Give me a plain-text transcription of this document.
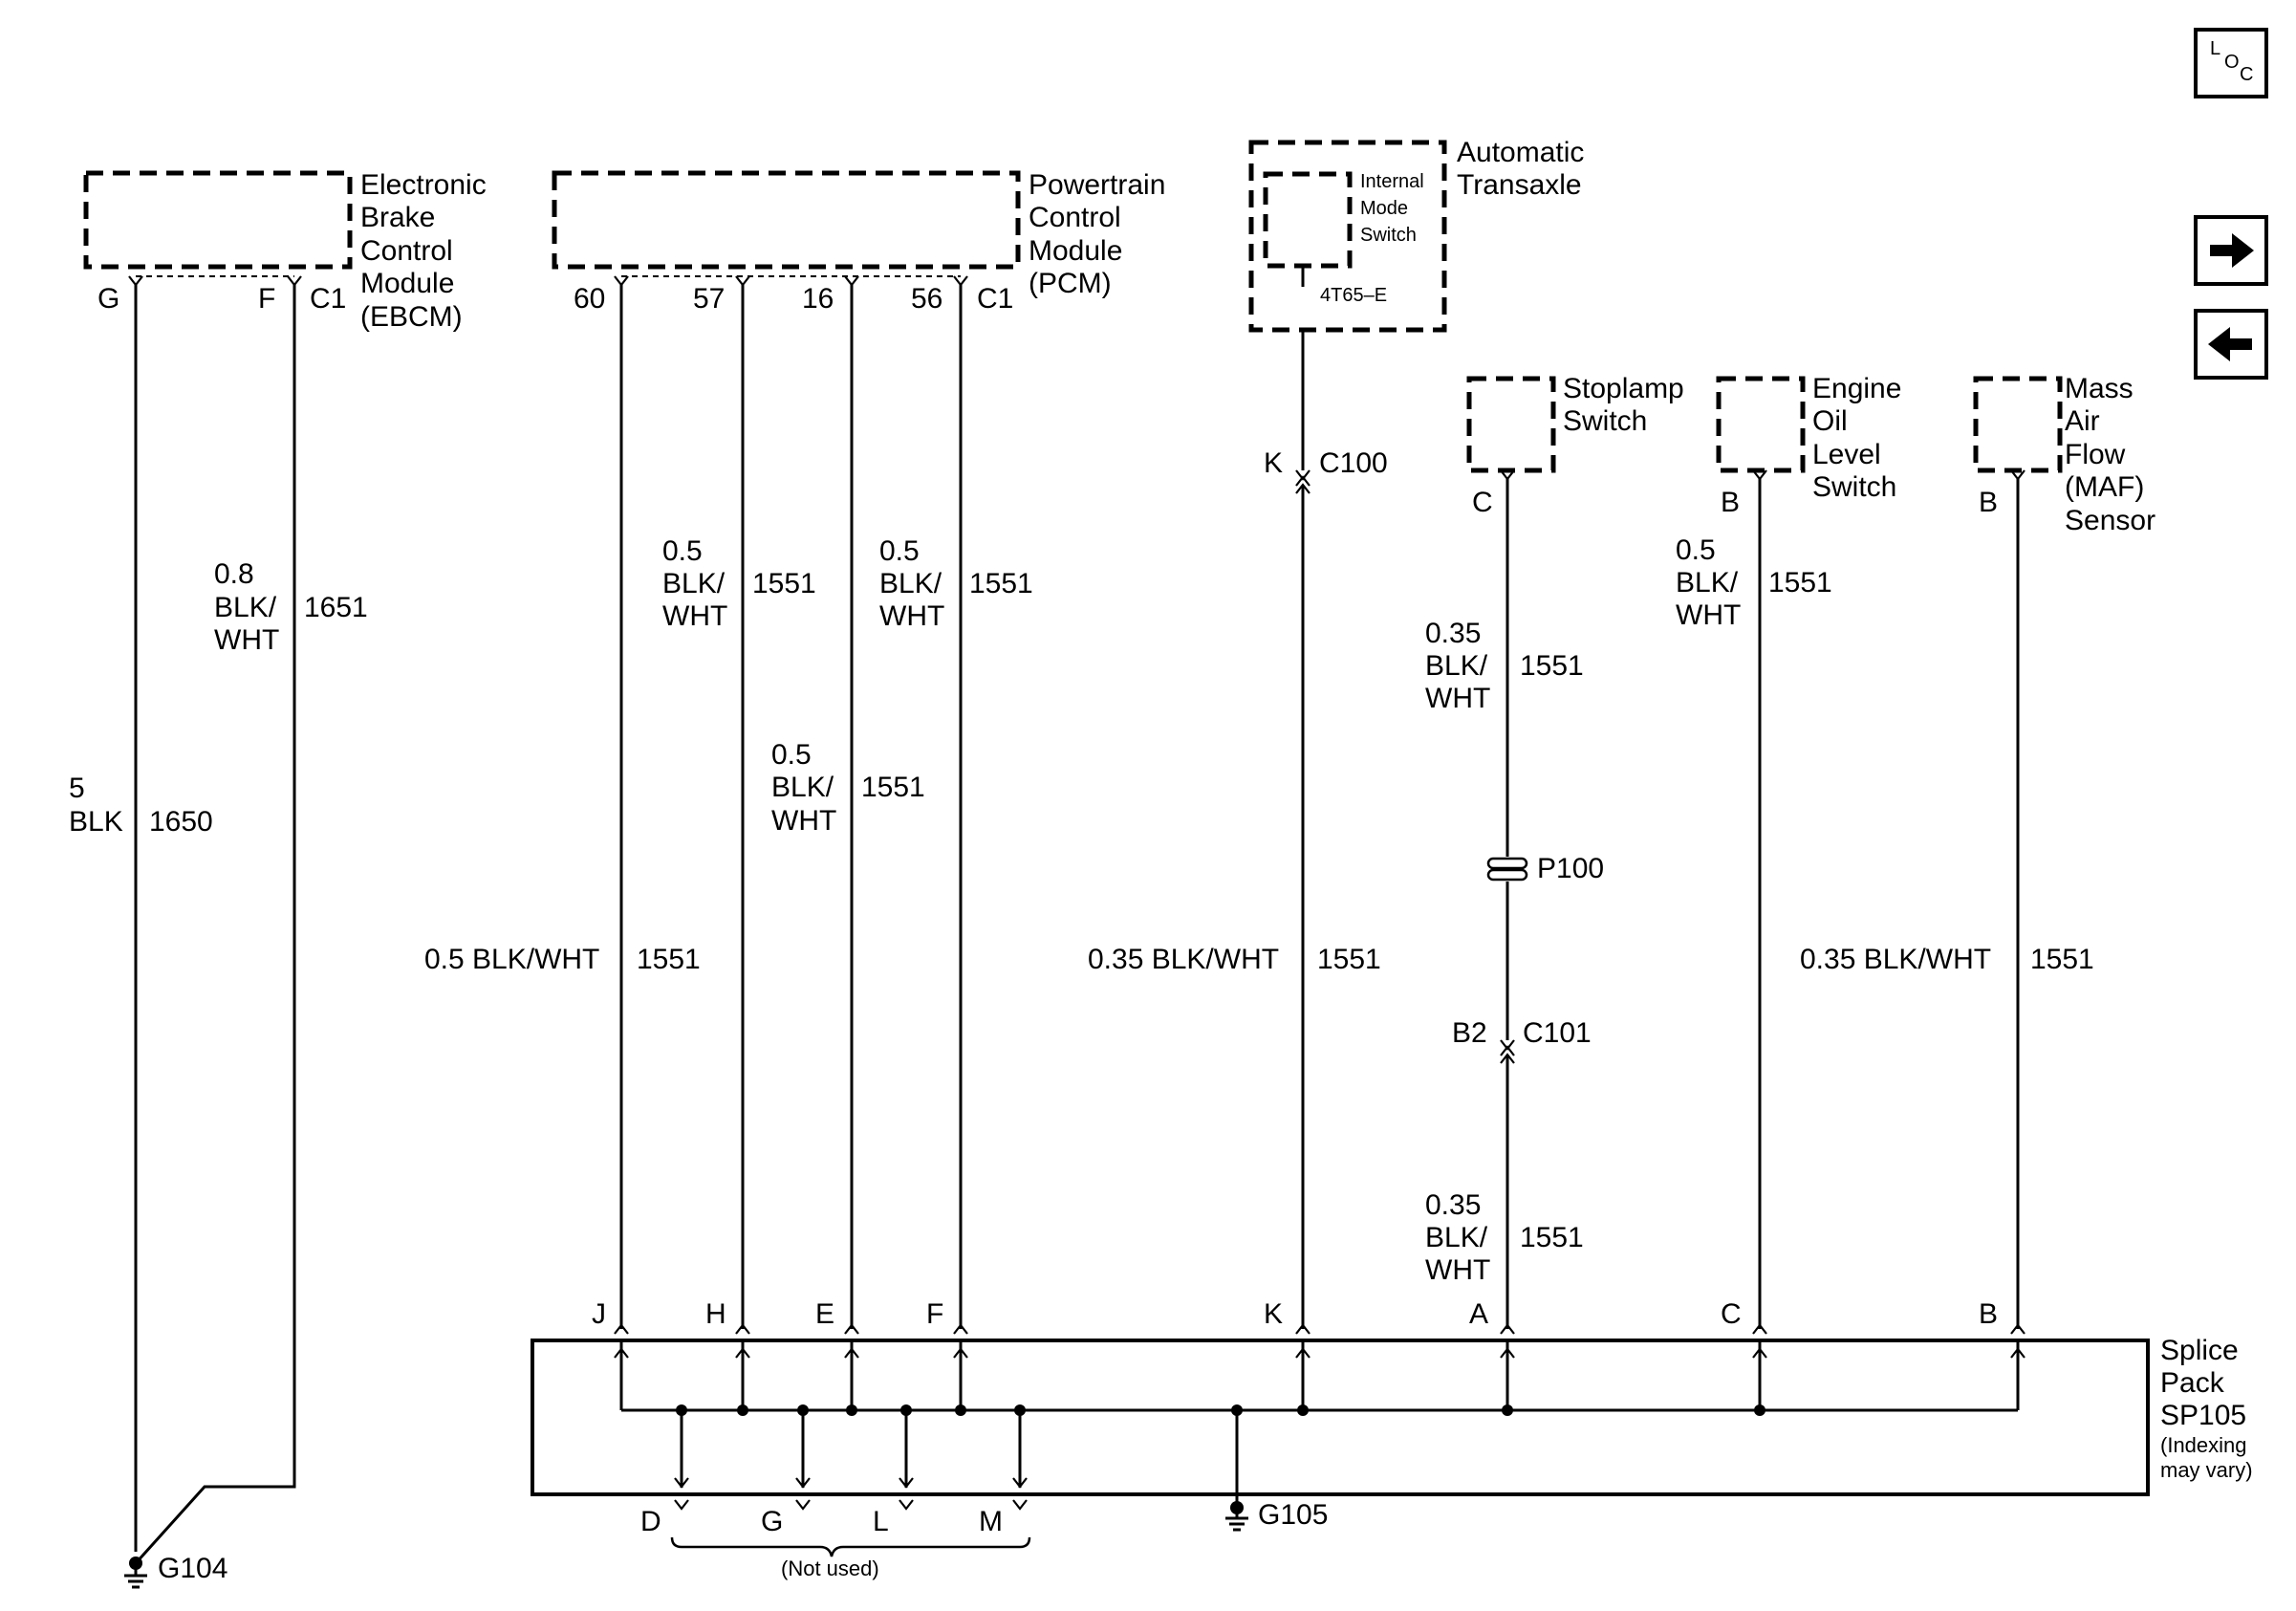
L
O
C
Electronic
Brake
Control
Module
(EBCM)
G	F C1
Powertrain
Control
Module
(PCM)
60	57	16	56 C1
Automatic
Transaxle
Internal
Mode
Switch
4T65–E
Stoplamp
Switch
C
Engine
Oil
Level
Switch
B
Mass
Air
Flow
(MAF)
Sensor
B
5
BLK 1650
0.8
BLK/
WHT
1651
G104
0.5 BLK/WHT 1551
0.5
BLK/
WHT
1551
0.5
BLK/
WHT
1551
0.5
BLK/
WHT
1551
K C100
0.35 BLK/WHT 1551
P100
B2 C101
0.35
BLK/
WHT
1551
0.35
BLK/
WHT
1551
0.5
BLK/
WHT
1551
0.35 BLK/WHT 1551
Splice
Pack
SP105
(Indexing
may vary)
J	H	E	F	K	A	C	B
D	G	L	M
(Not used)
G105
